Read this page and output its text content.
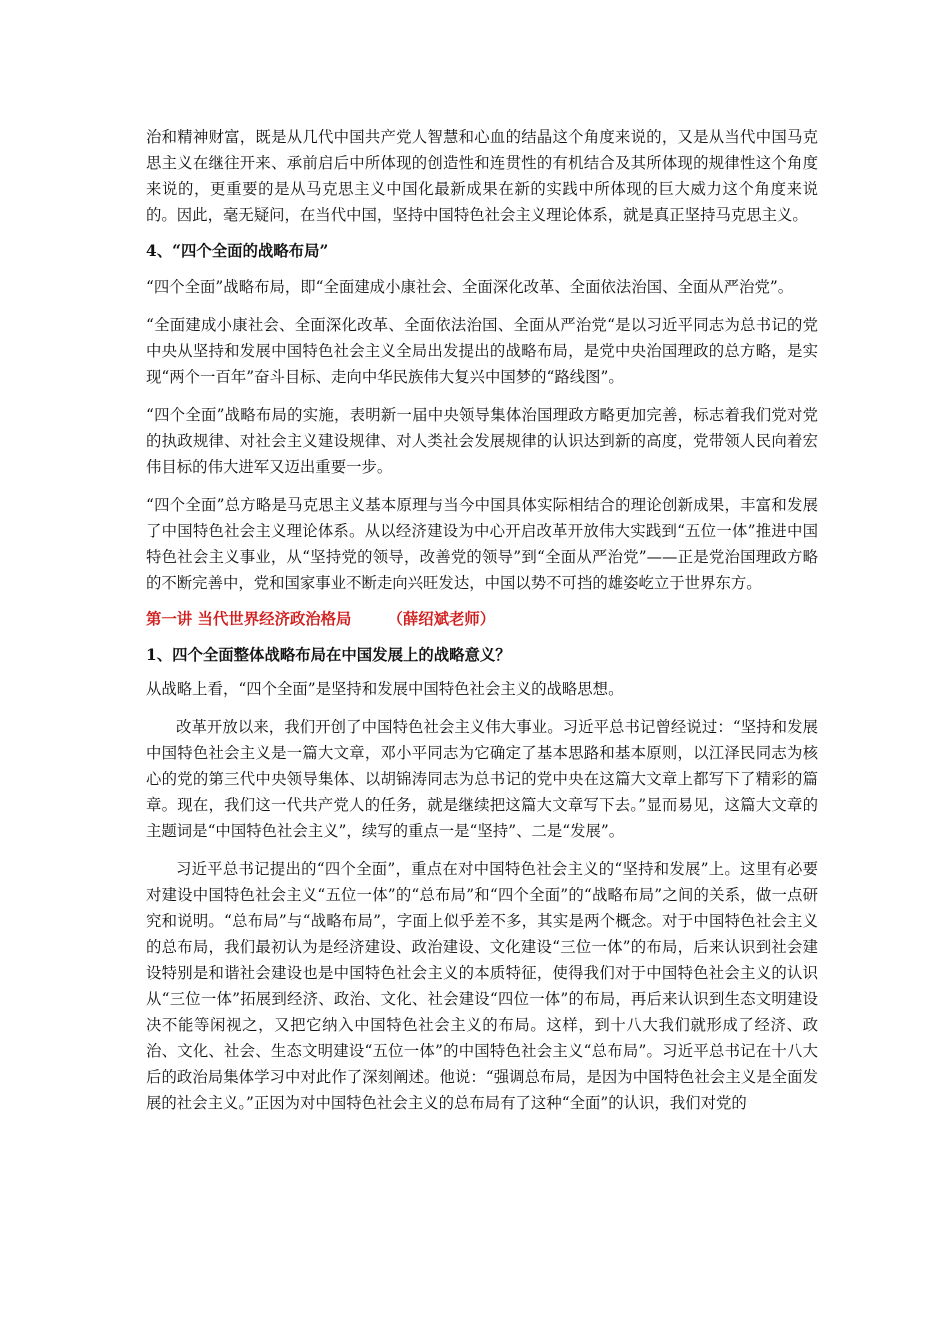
治和精神财富，既是从几代中国共产党人智慧和心血的结晶这个角度来说的，又是从当代中国马克思主义在继往开来、承前启后中所体现的创造性和连贯性的有机结合及其所体现的规律性这个角度来说的，更重要的是从马克思主义中国化最新成果在新的实践中所体现的巨大威力这个角度来说的。因此，毫无疑问，在当代中国，坚持中国特色社会主义理论体系，就是真正坚持马克思主义。

4、“四个全面的战略布局”

“四个全面”战略布局，即“全面建成小康社会、全面深化改革、全面依法治国、全面从严治党”。

“全面建成小康社会、全面深化改革、全面依法治国、全面从严治党“是以习近平同志为总书记的党中央从坚持和发展中国特色社会主义全局出发提出的战略布局，是党中央治国理政的总方略，是实现“两个一百年”奋斗目标、走向中华民族伟大复兴中国梦的“路线图”。

“四个全面”战略布局的实施，表明新一届中央领导集体治国理政方略更加完善，标志着我们党对党的执政规律、对社会主义建设规律、对人类社会发展规律的认识达到新的高度，党带领人民向着宏伟目标的伟大进军又迈出重要一步。

“四个全面”总方略是马克思主义基本原理与当今中国具体实际相结合的理论创新成果，丰富和发展了中国特色社会主义理论体系。从以经济建设为中心开启改革开放伟大实践到“五位一体”推进中国特色社会主义事业，从“坚持党的领导，改善党的领导”到“全面从严治党”——正是党治国理政方略的不断完善中，党和国家事业不断走向兴旺发达，中国以势不可挡的雄姿屹立于世界东方。

第一讲 当代世界经济政治格局 （薛绍斌老师）

1、四个全面整体战略布局在中国发展上的战略意义？

从战略上看，“四个全面”是坚持和发展中国特色社会主义的战略思想。

改革开放以来，我们开创了中国特色社会主义伟大事业。习近平总书记曾经说过：“坚持和发展中国特色社会主义是一篇大文章，邓小平同志为它确定了基本思路和基本原则，以江泽民同志为核心的党的第三代中央领导集体、以胡锦涛同志为总书记的党中央在这篇大文章上都写下了精彩的篇章。现在，我们这一代共产党人的任务，就是继续把这篇大文章写下去。”显而易见，这篇大文章的主题词是“中国特色社会主义”，续写的重点一是“坚持”、二是“发展”。

习近平总书记提出的“四个全面”，重点在对中国特色社会主义的“坚持和发展”上。这里有必要对建设中国特色社会主义“五位一体”的“总布局”和“四个全面”的“战略布局”之间的关系，做一点研究和说明。“总布局”与“战略布局”，字面上似乎差不多，其实是两个概念。对于中国特色社会主义的总布局，我们最初认为是经济建设、政治建设、文化建设“三位一体”的布局，后来认识到社会建设特别是和谐社会建设也是中国特色社会主义的本质特征，使得我们对于中国特色社会主义的认识从“三位一体”拓展到经济、政治、文化、社会建设“四位一体”的布局，再后来认识到生态文明建设决不能等闲视之，又把它纳入中国特色社会主义的布局。这样，到十八大我们就形成了经济、政治、文化、社会、生态文明建设“五位一体”的中国特色社会主义“总布局”。习近平总书记在十八大后的政治局集体学习中对此作了深刻阐述。他说：“强调总布局，是因为中国特色社会主义是全面发展的社会主义。”正因为对中国特色社会主义的总布局有了这种“全面”的认识，我们对党的
